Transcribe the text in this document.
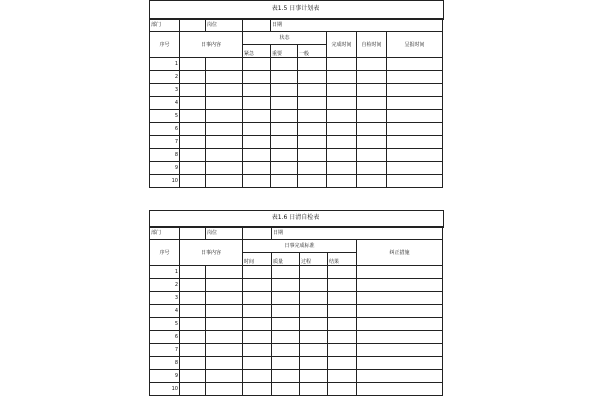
表1.5 日事计划表
部门		岗位		日期				
序号	日事内容		状态			完成时间	自检时间	呈报时间
			紧急	重要	一般			
1								
2								
3								
4								
5								
6								
7								
8								
9								
10								
表1.6 日清自检表
部门		岗位		日期			
序号	日事内容		日事完成标准				纠正措施
			时间	质量	过程	结果	
1							
2							
3							
4							
5							
6							
7							
8							
9							
10							
